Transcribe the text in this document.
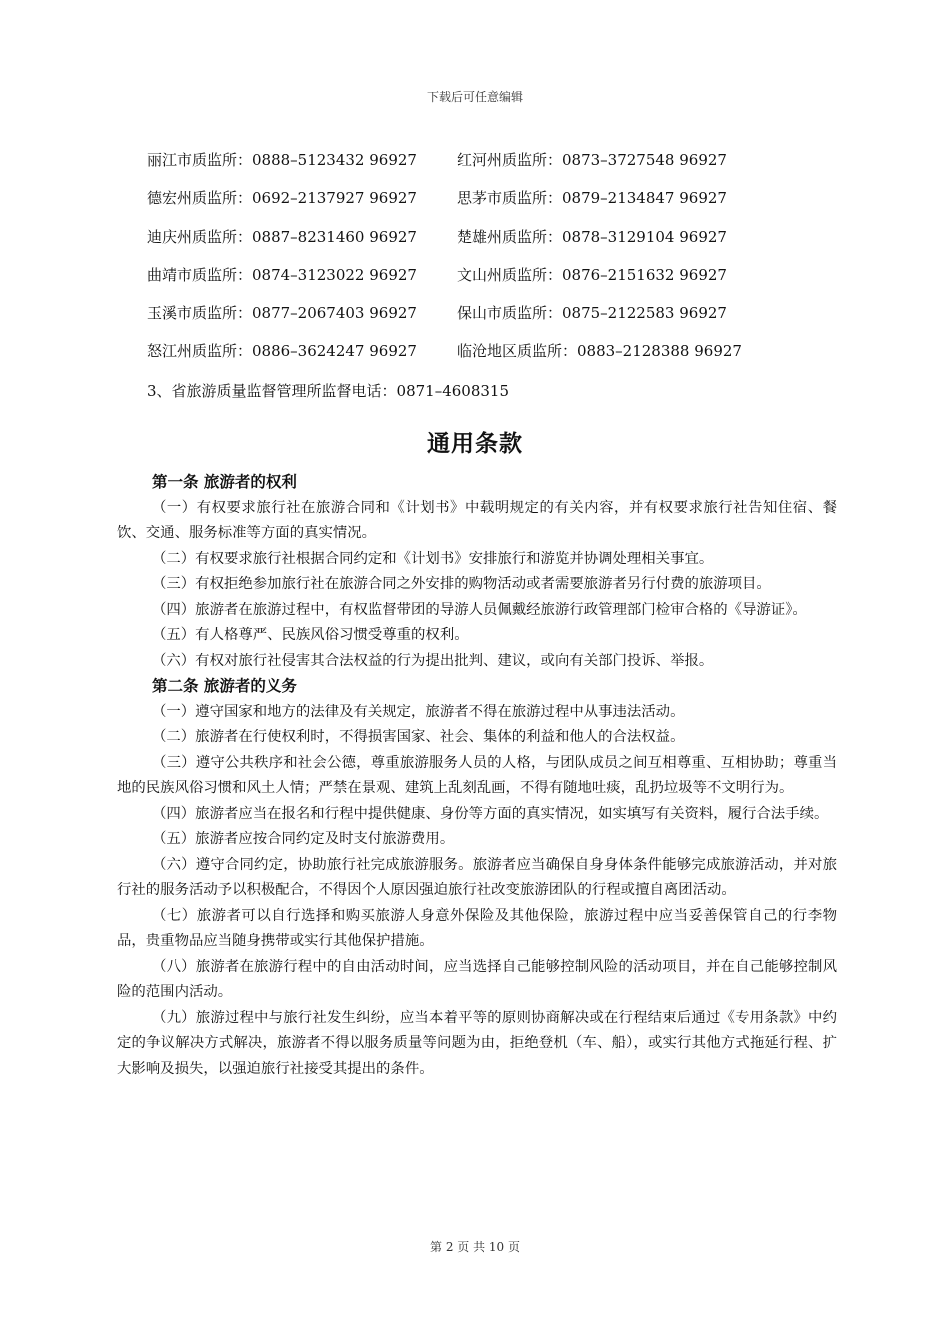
下载后可任意编辑
丽江市质监所：0888–5123432 96927	红河州质监所：0873–3727548 96927
德宏州质监所：0692–2137927 96927	思茅市质监所：0879–2134847 96927
迪庆州质监所：0887–8231460 96927	楚雄州质监所：0878–3129104 96927
曲靖市质监所：0874–3123022 96927	文山州质监所：0876–2151632 96927
玉溪市质监所：0877–2067403 96927	保山市质监所：0875–2122583 96927
怒江州质监所：0886–3624247 96927	临沧地区质监所：0883–2128388 96927
3、省旅游质量监督管理所监督电话：0871–4608315
通用条款
第一条 旅游者的权利

（一）有权要求旅行社在旅游合同和《计划书》中载明规定的有关内容，并有权要求旅行社告知住宿、餐饮、交通、服务标准等方面的真实情况。

（二）有权要求旅行社根据合同约定和《计划书》安排旅行和游览并协调处理相关事宜。

（三）有权拒绝参加旅行社在旅游合同之外安排的购物活动或者需要旅游者另行付费的旅游项目。

（四）旅游者在旅游过程中，有权监督带团的导游人员佩戴经旅游行政管理部门检审合格的《导游证》。

（五）有人格尊严、民族风俗习惯受尊重的权利。

（六）有权对旅行社侵害其合法权益的行为提出批判、建议，或向有关部门投诉、举报。

第二条 旅游者的义务

（一）遵守国家和地方的法律及有关规定，旅游者不得在旅游过程中从事违法活动。

（二）旅游者在行使权利时，不得损害国家、社会、集体的利益和他人的合法权益。

（三）遵守公共秩序和社会公德，尊重旅游服务人员的人格，与团队成员之间互相尊重、互相协助；尊重当地的民族风俗习惯和风土人情；严禁在景观、建筑上乱刻乱画，不得有随地吐痰，乱扔垃圾等不文明行为。

（四）旅游者应当在报名和行程中提供健康、身份等方面的真实情况，如实填写有关资料，履行合法手续。

（五）旅游者应按合同约定及时支付旅游费用。

（六）遵守合同约定，协助旅行社完成旅游服务。旅游者应当确保自身身体条件能够完成旅游活动，并对旅行社的服务活动予以积极配合，不得因个人原因强迫旅行社改变旅游团队的行程或擅自离团活动。

（七）旅游者可以自行选择和购买旅游人身意外保险及其他保险，旅游过程中应当妥善保管自己的行李物品，贵重物品应当随身携带或实行其他保护措施。

（八）旅游者在旅游行程中的自由活动时间，应当选择自己能够控制风险的活动项目，并在自己能够控制风险的范围内活动。

（九）旅游过程中与旅行社发生纠纷，应当本着平等的原则协商解决或在行程结束后通过《专用条款》中约定的争议解决方式解决，旅游者不得以服务质量等问题为由，拒绝登机（车、船），或实行其他方式拖延行程、扩大影响及损失，以强迫旅行社接受其提出的条件。

第 2 页 共 10 页
